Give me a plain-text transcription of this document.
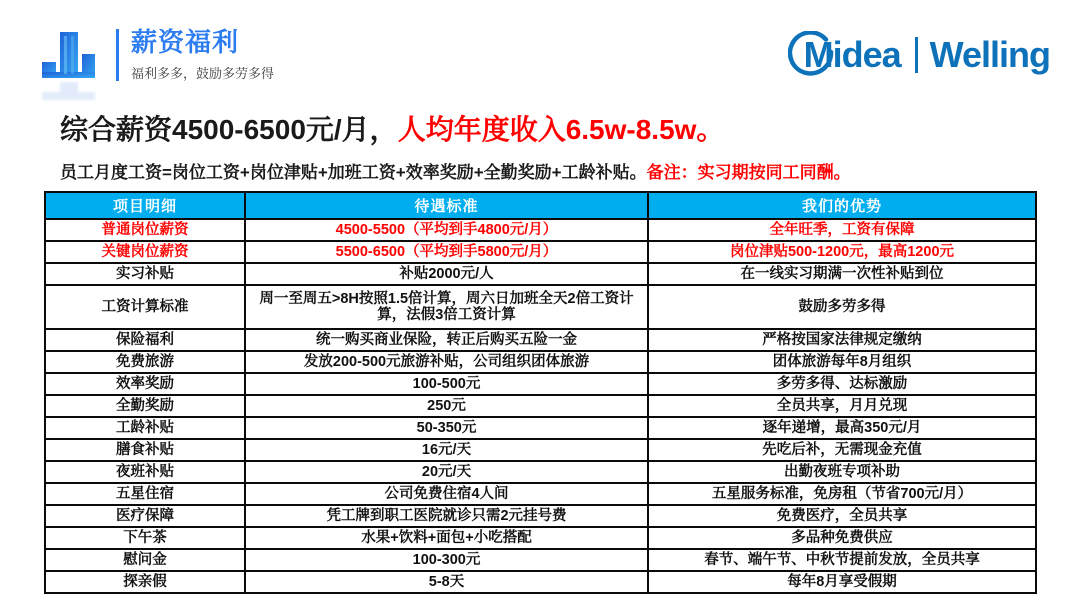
薪资福利
福利多多，鼓励多劳多得	Midea Welling
综合薪资4500-6500元/月，人均年度收入6.5w-8.5w。
员工月度工资=岗位工资+岗位津贴+加班工资+效率奖励+全勤奖励+工龄补贴。备注：实习期按同工同酬。
项目明细	待遇标准	我们的优势
普通岗位薪资	4500-5500（平均到手4800元/月）	全年旺季，工资有保障
关键岗位薪资	5500-6500（平均到手5800元/月）	岗位津贴500-1200元，最高1200元
实习补贴	补贴2000元/人	在一线实习期满一次性补贴到位
工资计算标准	周一至周五>8H按照1.5倍计算，周六日加班全天2倍工资计算，法假3倍工资计算	鼓励多劳多得
保险福利	统一购买商业保险，转正后购买五险一金	严格按国家法律规定缴纳
免费旅游	发放200-500元旅游补贴，公司组织团体旅游	团体旅游每年8月组织
效率奖励	100-500元	多劳多得、达标激励
全勤奖励	250元	全员共享，月月兑现
工龄补贴	50-350元	逐年递增，最高350元/月
膳食补贴	16元/天	先吃后补，无需现金充值
夜班补贴	20元/天	出勤夜班专项补助
五星住宿	公司免费住宿4人间	五星服务标准，免房租（节省700元/月）
医疗保障	凭工牌到职工医院就诊只需2元挂号费	免费医疗，全员共享
下午茶	水果+饮料+面包+小吃搭配	多品种免费供应
慰问金	100-300元	春节、端午节、中秋节提前发放，全员共享
探亲假	5-8天	每年8月享受假期
